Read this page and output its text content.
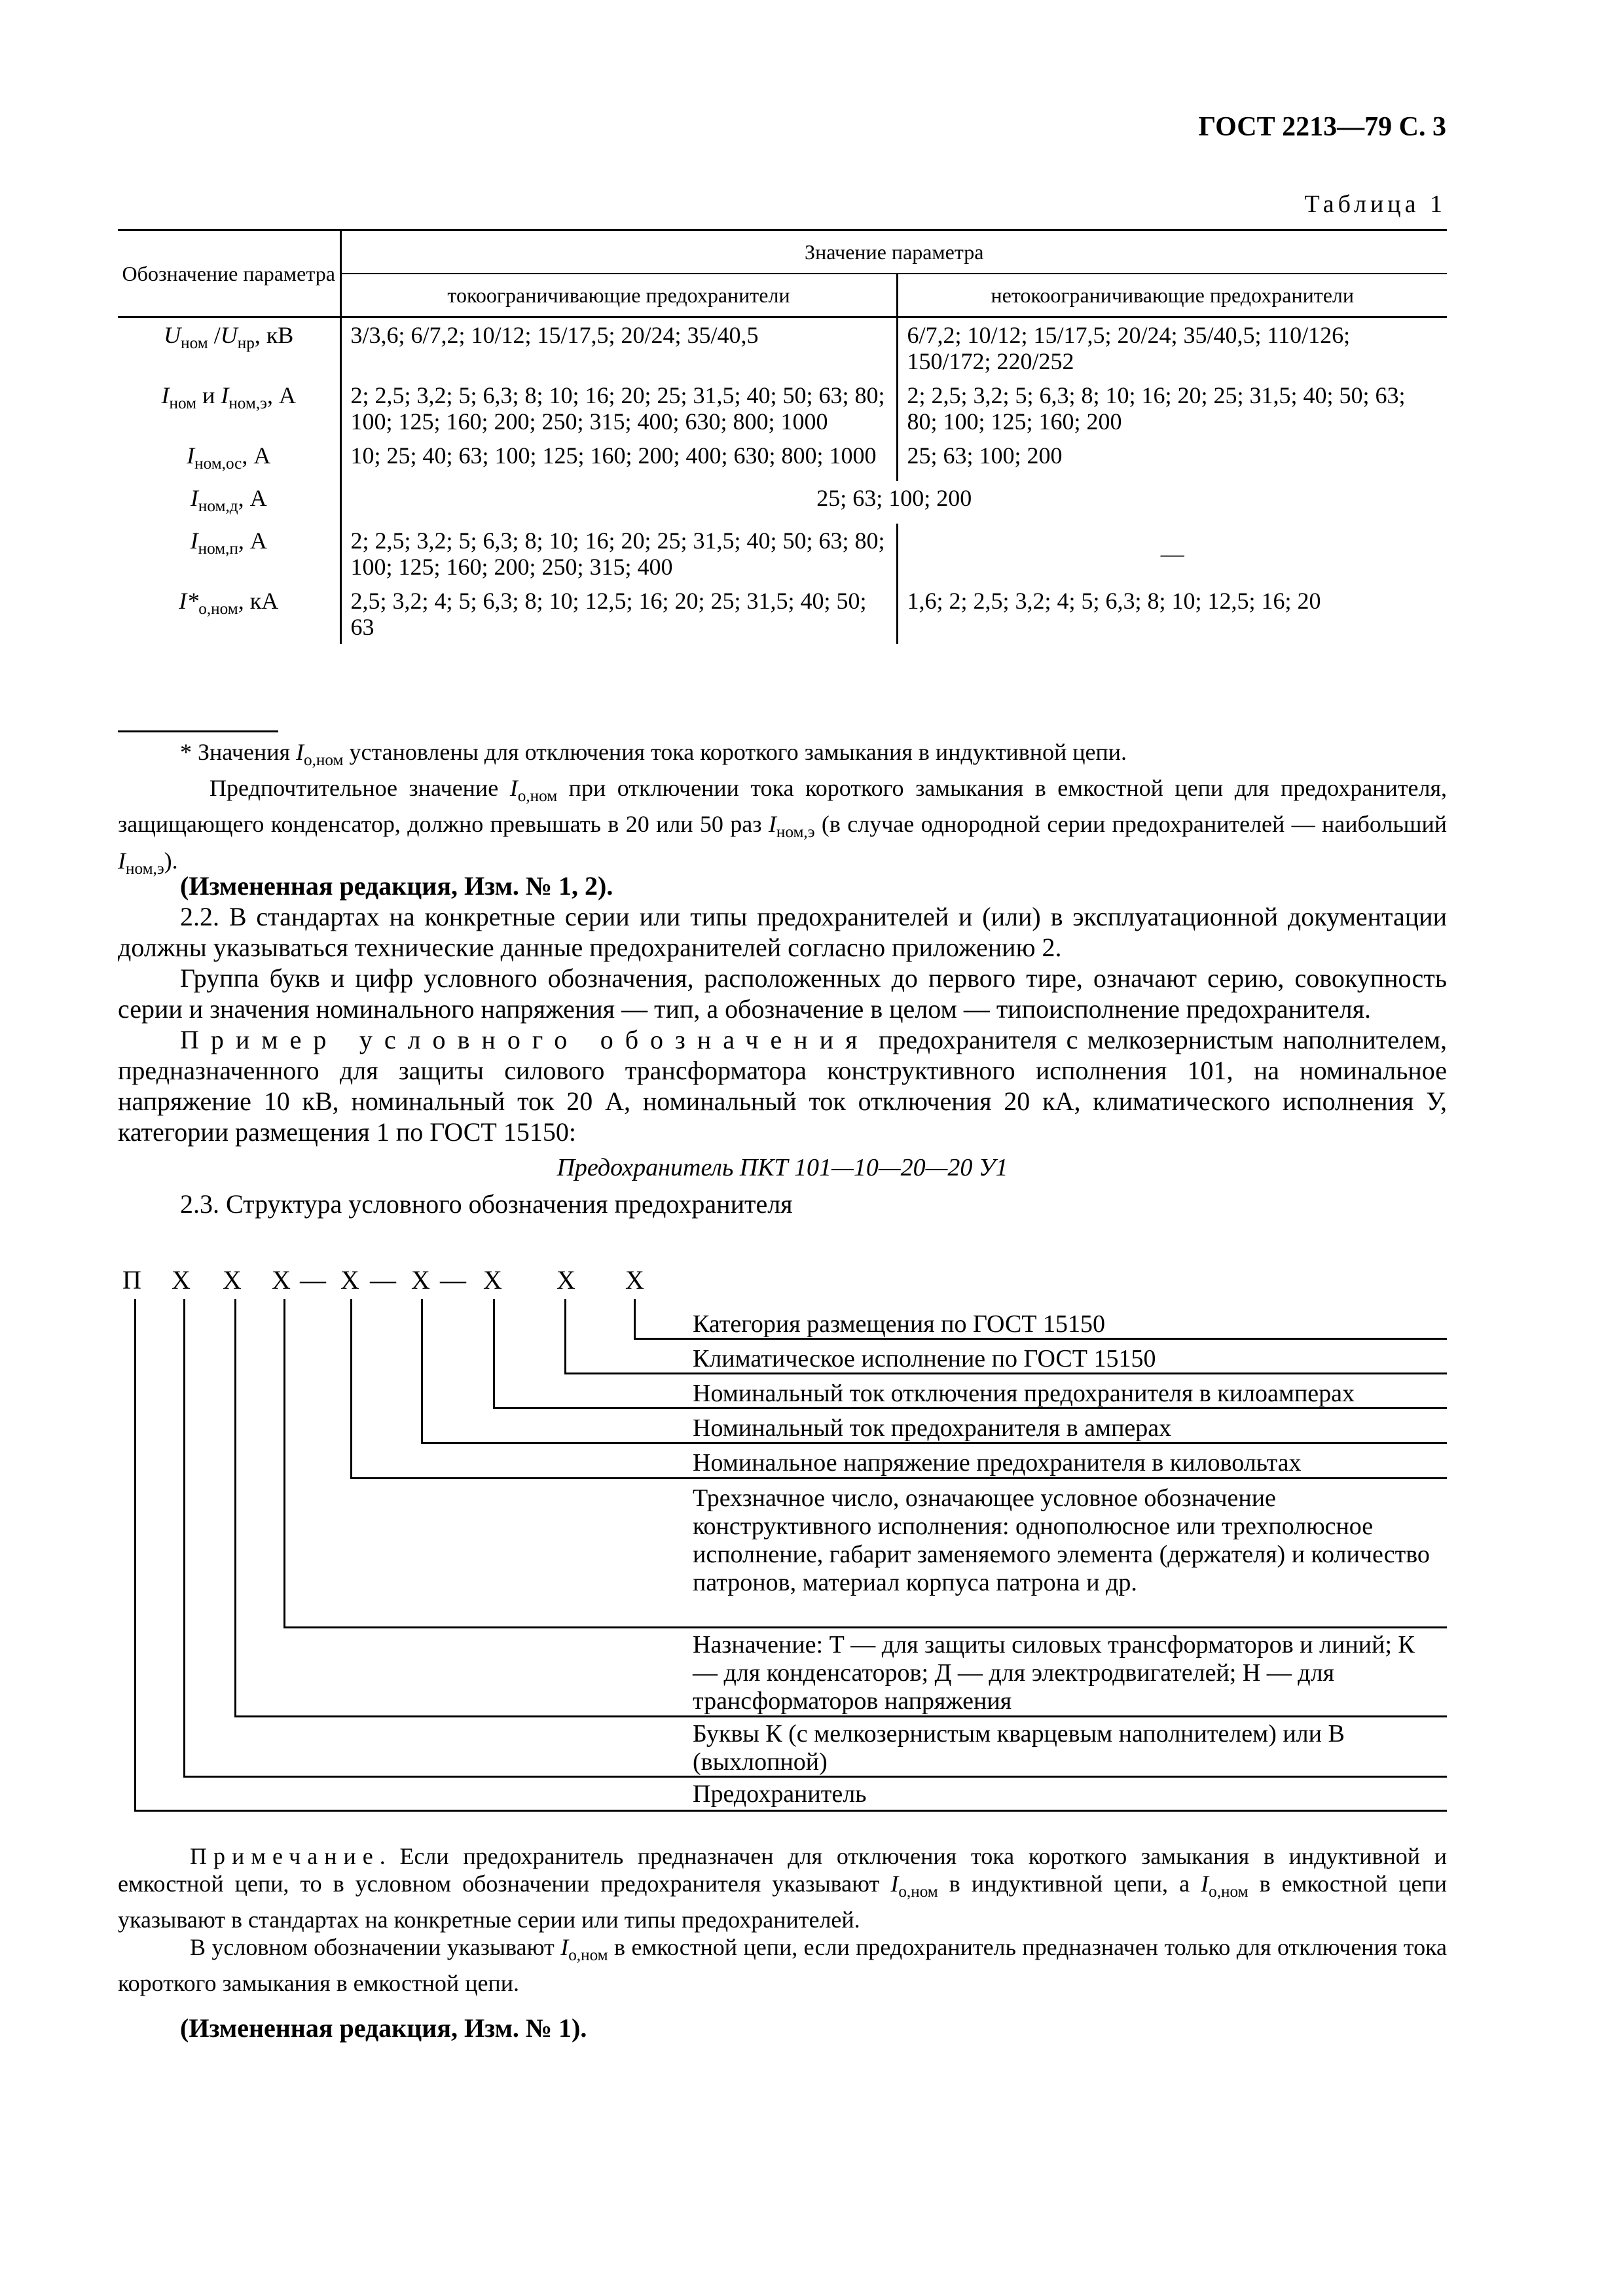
ГОСТ 2213—79 С. 3
Таблица 1
Обозначение параметра	Значение параметра	
	токоограничивающие предохранители	нетокоограничивающие предохранители
$U_{ном}$ $/U_{нр}$, кВ	3/3,6; 6/7,2; 10/12; 15/17,5; 20/24; 35/40,5	6/7,2; 10/12; 15/17,5; 20/24; 35/40,5; 110/126; 150/172; 220/252
$I_{ном}$ и $I_{ном,э}$, А	2; 2,5; 3,2; 5; 6,3; 8; 10; 16; 20; 25; 31,5; 40; 50; 63; 80; 100; 125; 160; 200; 250; 315; 400; 630; 800; 1000	2; 2,5; 3,2; 5; 6,3; 8; 10; 16; 20; 25; 31,5; 40; 50; 63; 80; 100; 125; 160; 200
$I_{ном,ос}$, А	10; 25; 40; 63; 100; 125; 160; 200; 400; 630; 800; 1000	25; 63; 100; 200
$I_{ном,д}$, А	25; 63; 100; 200	
$I_{ном,п}$, А	2; 2,5; 3,2; 5; 6,3; 8; 10; 16; 20; 25; 31,5; 40; 50; 63; 80; 100; 125; 160; 200; 250; 315; 400	—
$I*_{о,ном}$, кА	2,5; 3,2; 4; 5; 6,3; 8; 10; 12,5; 16; 20; 25; 31,5; 40; 50; 63	1,6; 2; 2,5; 3,2; 4; 5; 6,3; 8; 10; 12,5; 16; 20
* Значения $I_{о,ном}$ установлены для отключения тока короткого замыкания в индуктивной цепи.
Предпочтительное значение $I_{о,ном}$ при отключении тока короткого замыкания в емкостной цепи для предохранителя, защищающего конденсатор, должно превышать в 20 или 50 раз $I_{ном,э}$ (в случае однородной серии предохранителей — наибольший $I_{ном,э}$).
(Измененная редакция, Изм. № 1, 2).
2.2. В стандартах на конкретные серии или типы предохранителей и (или) в эксплуатационной документации должны указываться технические данные предохранителей согласно приложению 2.
Группа букв и цифр условного обозначения, расположенных до первого тире, означают серию, совокупность серии и значения номинального напряжения — тип, а обозначение в целом — типоисполнение предохранителя.
Пример условного обозначения предохранителя с мелкозернистым наполнителем, предназначенного для защиты силового трансформатора конструктивного исполнения 101, на номинальное напряжение 10 кВ, номинальный ток 20 А, номинальный ток отключения 20 кА, климатического исполнения У, категории размещения 1 по ГОСТ 15150:
Предохранитель ПКТ 101—10—20—20 У1
2.3. Структура условного обозначения предохранителя
П Х Х Х — Х — Х — Х Х Х
Категория размещения по ГОСТ 15150
Климатическое исполнение по ГОСТ 15150
Номинальный ток отключения предохранителя в килоамперах
Номинальный ток предохранителя в амперах
Номинальное напряжение предохранителя в киловольтах
Трехзначное число, означающее условное обозначение конструктивного исполнения: однополюсное или трехполюсное исполнение, габарит заменяемого элемента (держателя) и количество патронов, материал корпуса патрона и др.
Назначение: Т — для защиты силовых трансформаторов и линий; К — для конденсаторов; Д — для электродвигателей; Н — для трансформаторов напряжения
Буквы К (с мелкозернистым кварцевым наполнителем) или В (выхлопной)
Предохранитель
Примечание. Если предохранитель предназначен для отключения тока короткого замыкания в индуктивной и емкостной цепи, то в условном обозначении предохранителя указывают $I_{о,ном}$ в индуктивной цепи, а $I_{о,ном}$ в емкостной цепи указывают в стандартах на конкретные серии или типы предохранителей.
В условном обозначении указывают $I_{о,ном}$ в емкостной цепи, если предохранитель предназначен только для отключения тока короткого замыкания в емкостной цепи.
(Измененная редакция, Изм. № 1).
